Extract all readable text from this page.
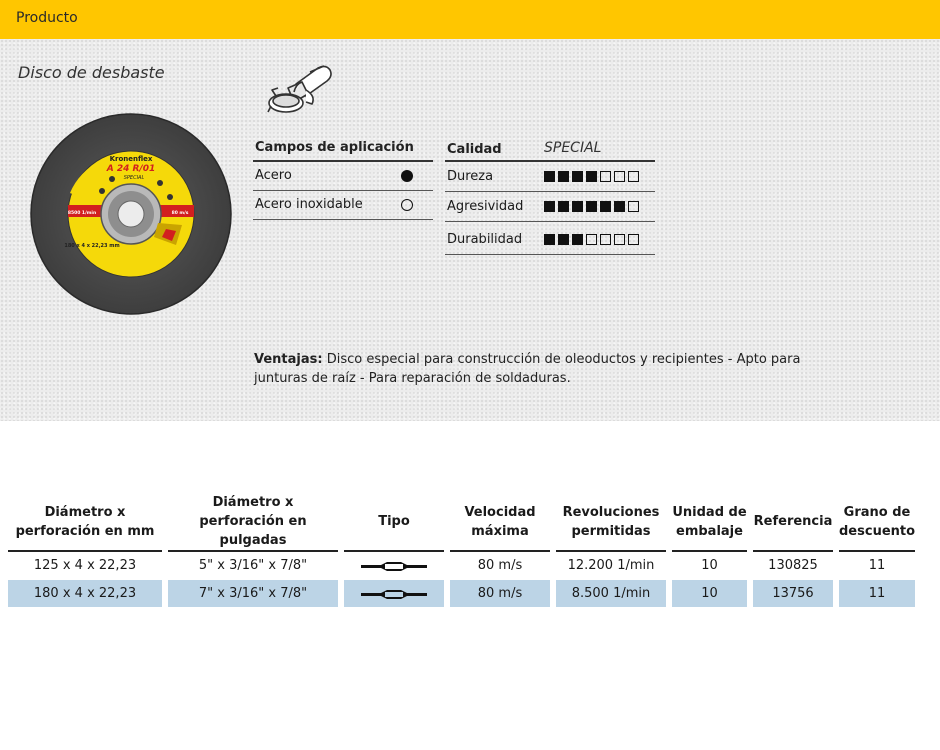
Producto
Disco de desbaste
Kronenflex
A 24 R/01
SPECIAL
8500 1/min	80 m/s
180 x 4 x 22,23 mm
Campos de aplicación
Acero
Acero inoxidable
Calidad	SPECIAL
Dureza
Agresividad
Durabilidad
Ventajas: Disco especial para construcción de oleoductos y recipientes - Apto para junturas de raíz - Para reparación de soldaduras.
Diámetro x perforación en mm		Diámetro x perforación en pulgadas		Tipo		Velocidad máxima		Revoluciones permitidas		Unidad de embalaje		Referencia		Grano de descuento
125 x 4 x 22,23		5" x 3/16" x 7/8"				80 m/s		12.200 1/min		10		130825		11
180 x 4 x 22,23		7" x 3/16" x 7/8"				80 m/s		8.500 1/min		10		13756		11
